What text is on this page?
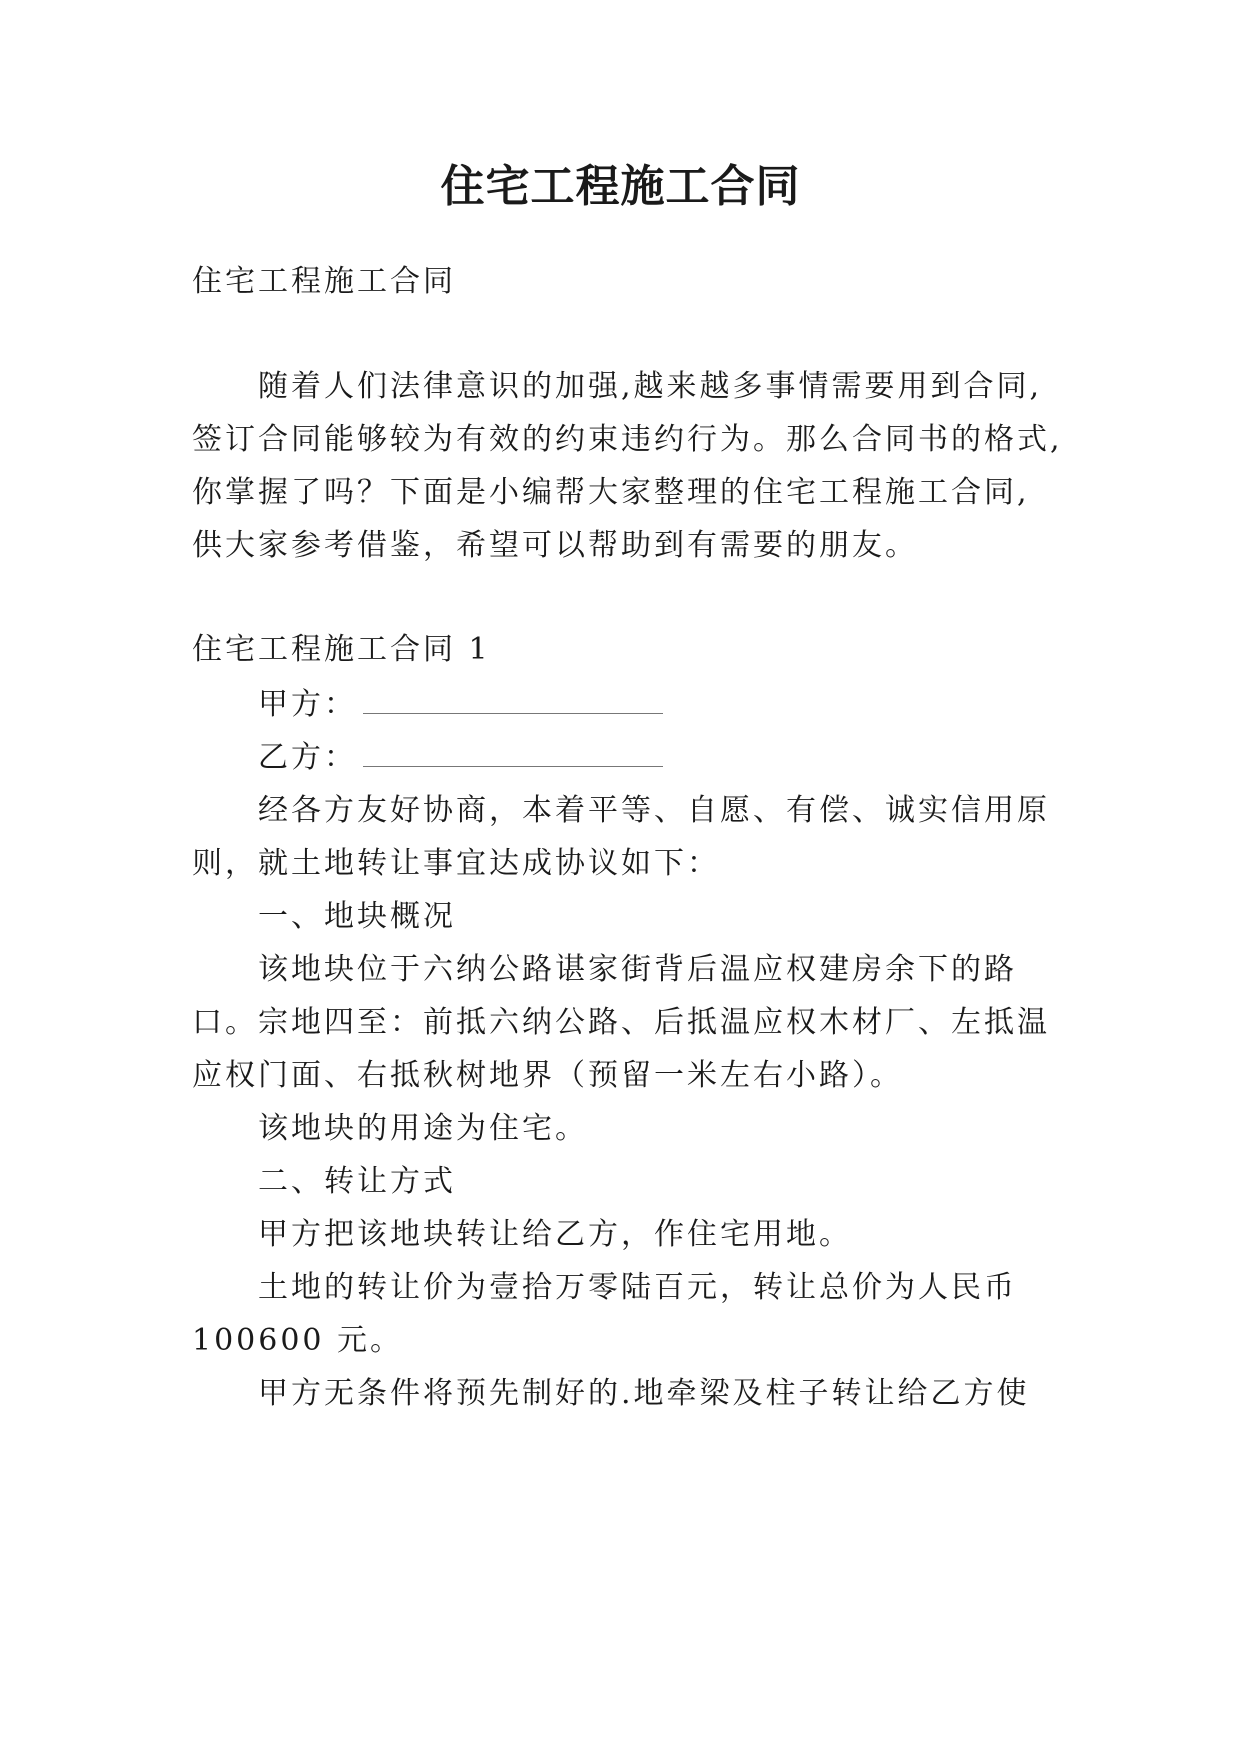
住宅工程施工合同
住宅工程施工合同
随着人们法律意识的加强,越来越多事情需要用到合同,
签订合同能够较为有效的约束违约行为。那么合同书的格式,
你掌握了吗？下面是小编帮大家整理的住宅工程施工合同,
供大家参考借鉴，希望可以帮助到有需要的朋友。
住宅工程施工合同 1
甲方：
乙方：
经各方友好协商，本着平等、自愿、有偿、诚实信用原
则，就土地转让事宜达成协议如下：
一、地块概况
该地块位于六纳公路谌家街背后温应权建房余下的路
口。宗地四至：前抵六纳公路、后抵温应权木材厂、左抵温
应权门面、右抵秋树地界（预留一米左右小路）。
该地块的用途为住宅。
二、转让方式
甲方把该地块转让给乙方，作住宅用地。
土地的转让价为壹拾万零陆百元，转让总价为人民币
100600 元。
甲方无条件将预先制好的.地牵梁及柱子转让给乙方使
